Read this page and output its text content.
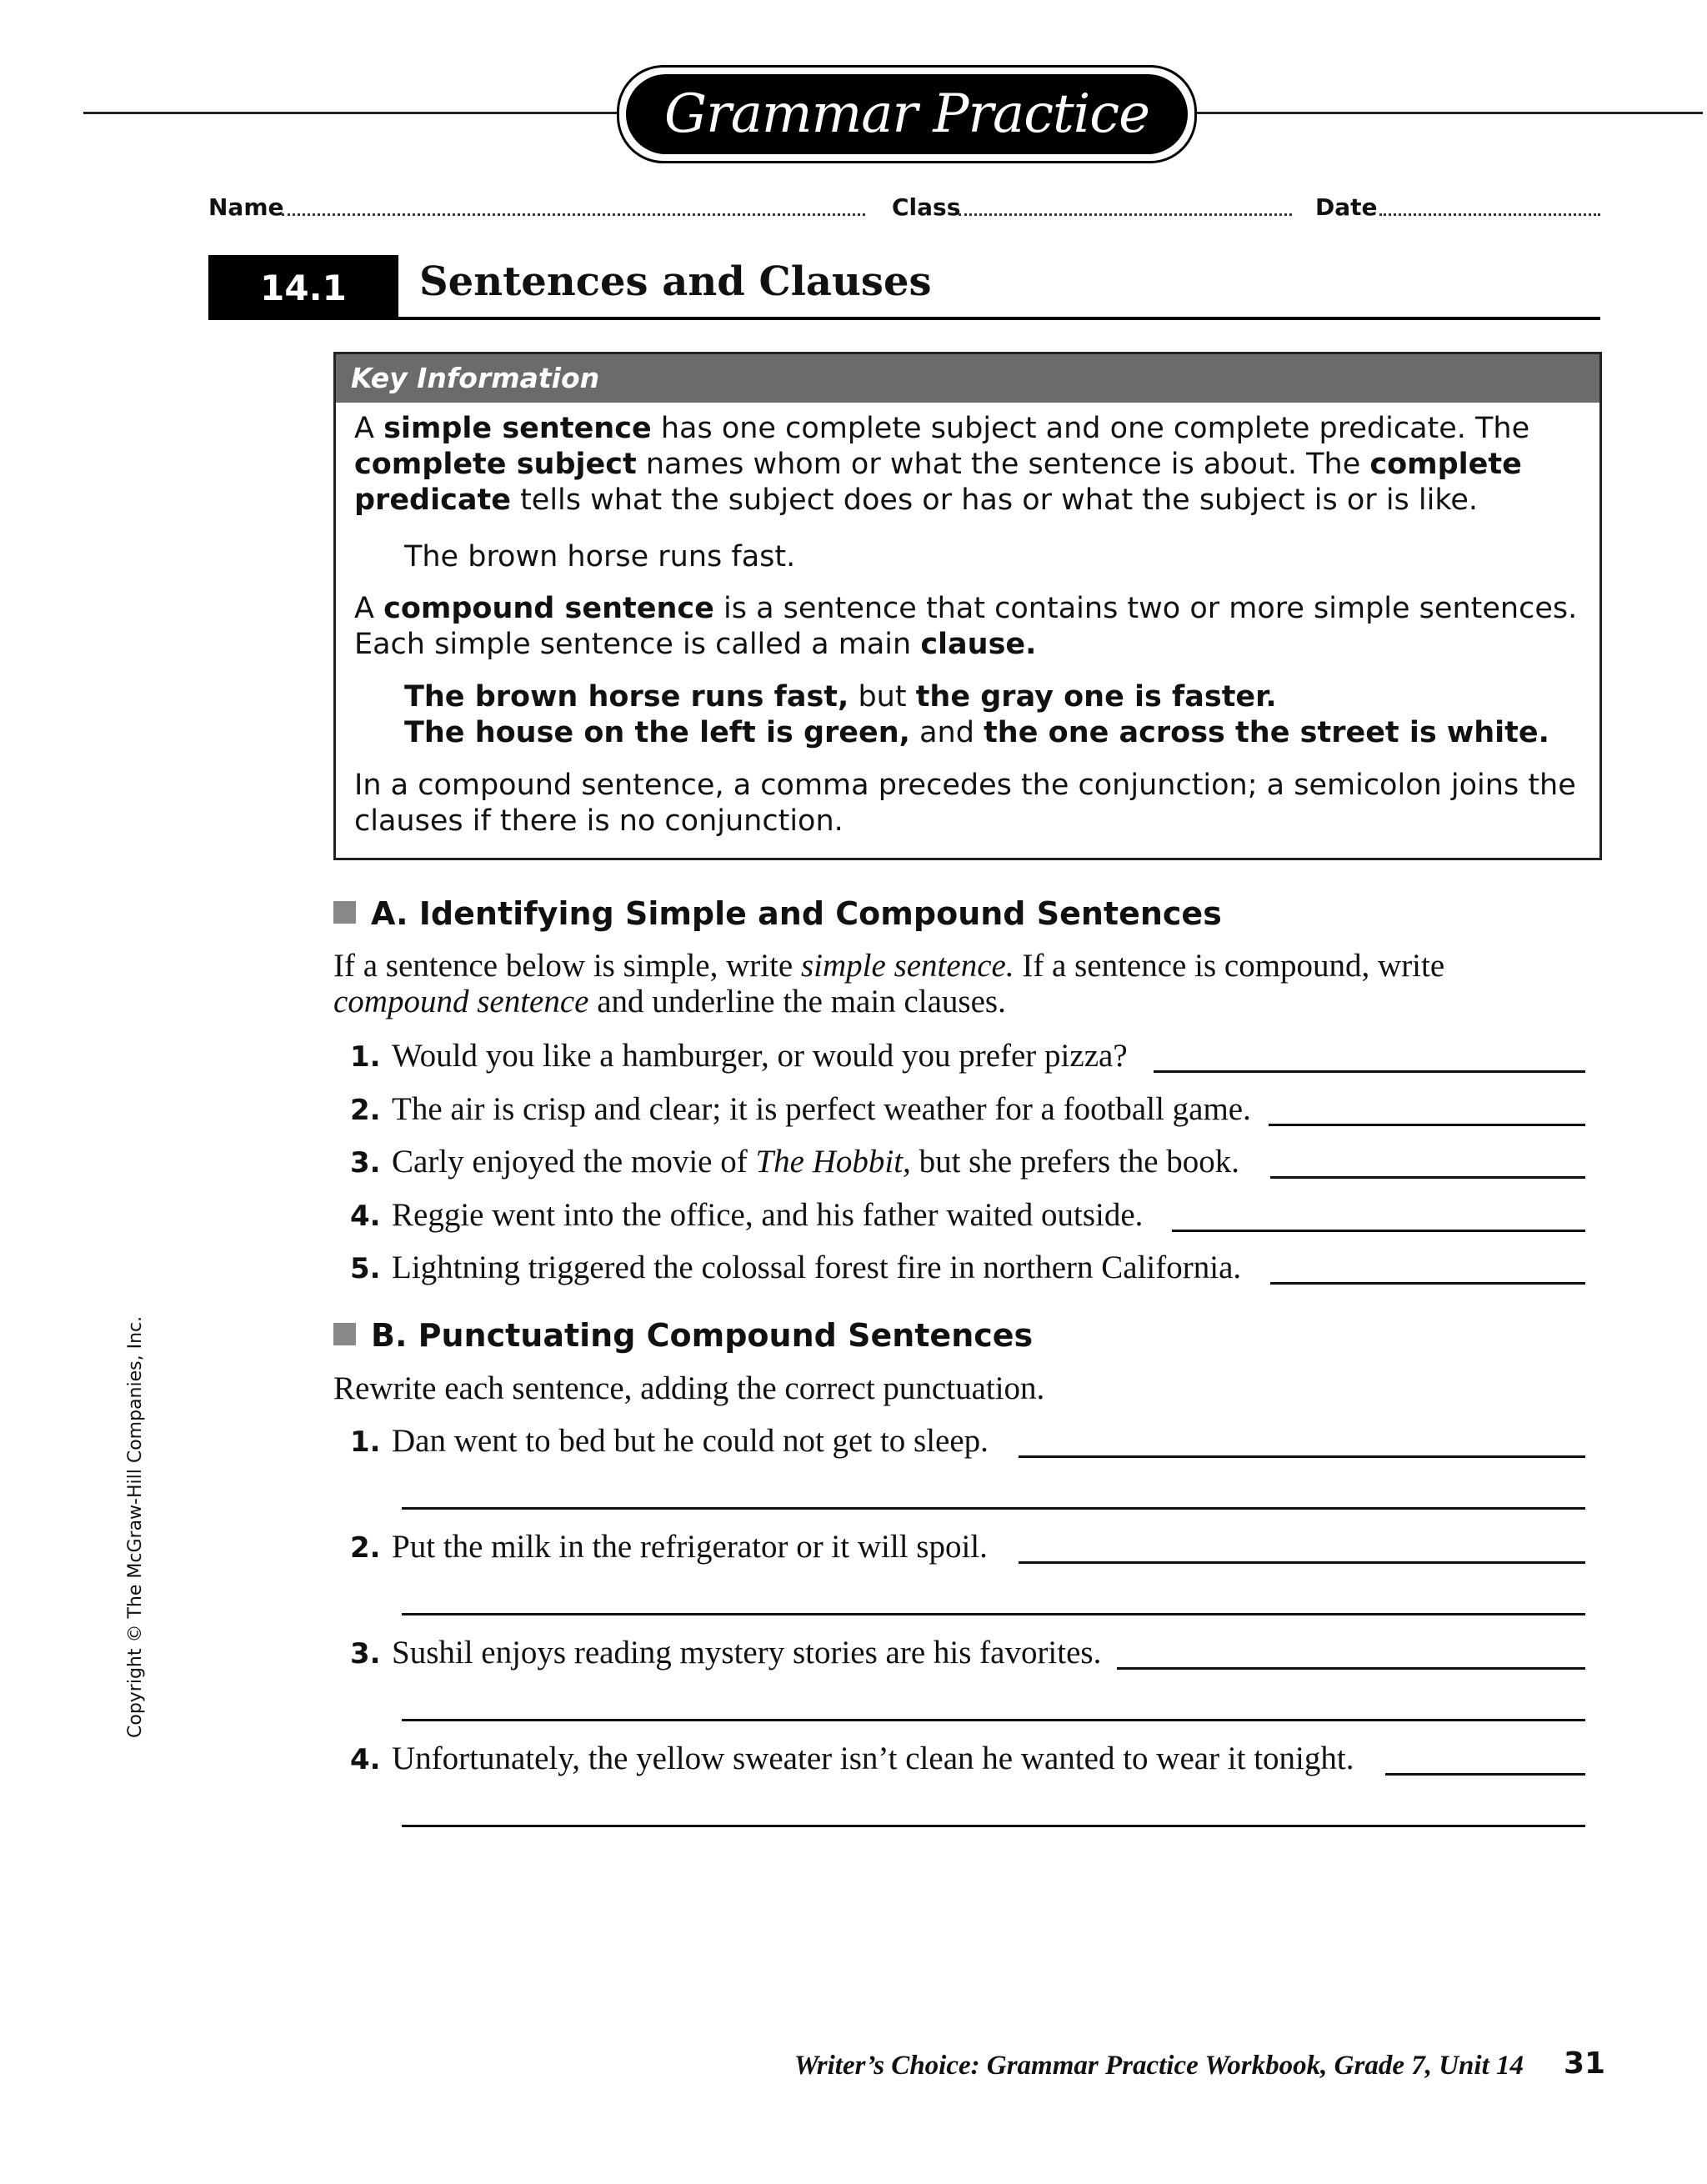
Grammar Practice
Name	Class	Date
14.1	Sentences and Clauses
Key Information
A simple sentence has one complete subject and one complete predicate. The complete subject names whom or what the sentence is about. The complete predicate tells what the subject does or has or what the subject is or is like.
The brown horse runs fast.
A compound sentence is a sentence that contains two or more simple sentences. Each simple sentence is called a main clause.
The brown horse runs fast, but the gray one is faster.
The house on the left is green, and the one across the street is white.
In a compound sentence, a comma precedes the conjunction; a semicolon joins the clauses if there is no conjunction.
A. Identifying Simple and Compound Sentences
If a sentence below is simple, write simple sentence. If a sentence is compound, write compound sentence and underline the main clauses.
1. Would you like a hamburger, or would you prefer pizza?
2. The air is crisp and clear; it is perfect weather for a football game.
3. Carly enjoyed the movie of The Hobbit, but she prefers the book.
4. Reggie went into the office, and his father waited outside.
5. Lightning triggered the colossal forest fire in northern California.
B. Punctuating Compound Sentences
Rewrite each sentence, adding the correct punctuation.
1. Dan went to bed but he could not get to sleep.
2. Put the milk in the refrigerator or it will spoil.
3. Sushil enjoys reading mystery stories are his favorites.
4. Unfortunately, the yellow sweater isn’t clean he wanted to wear it tonight.
Copyright © The McGraw-Hill Companies, Inc.
Writer’s Choice: Grammar Practice Workbook, Grade 7, Unit 14 31
